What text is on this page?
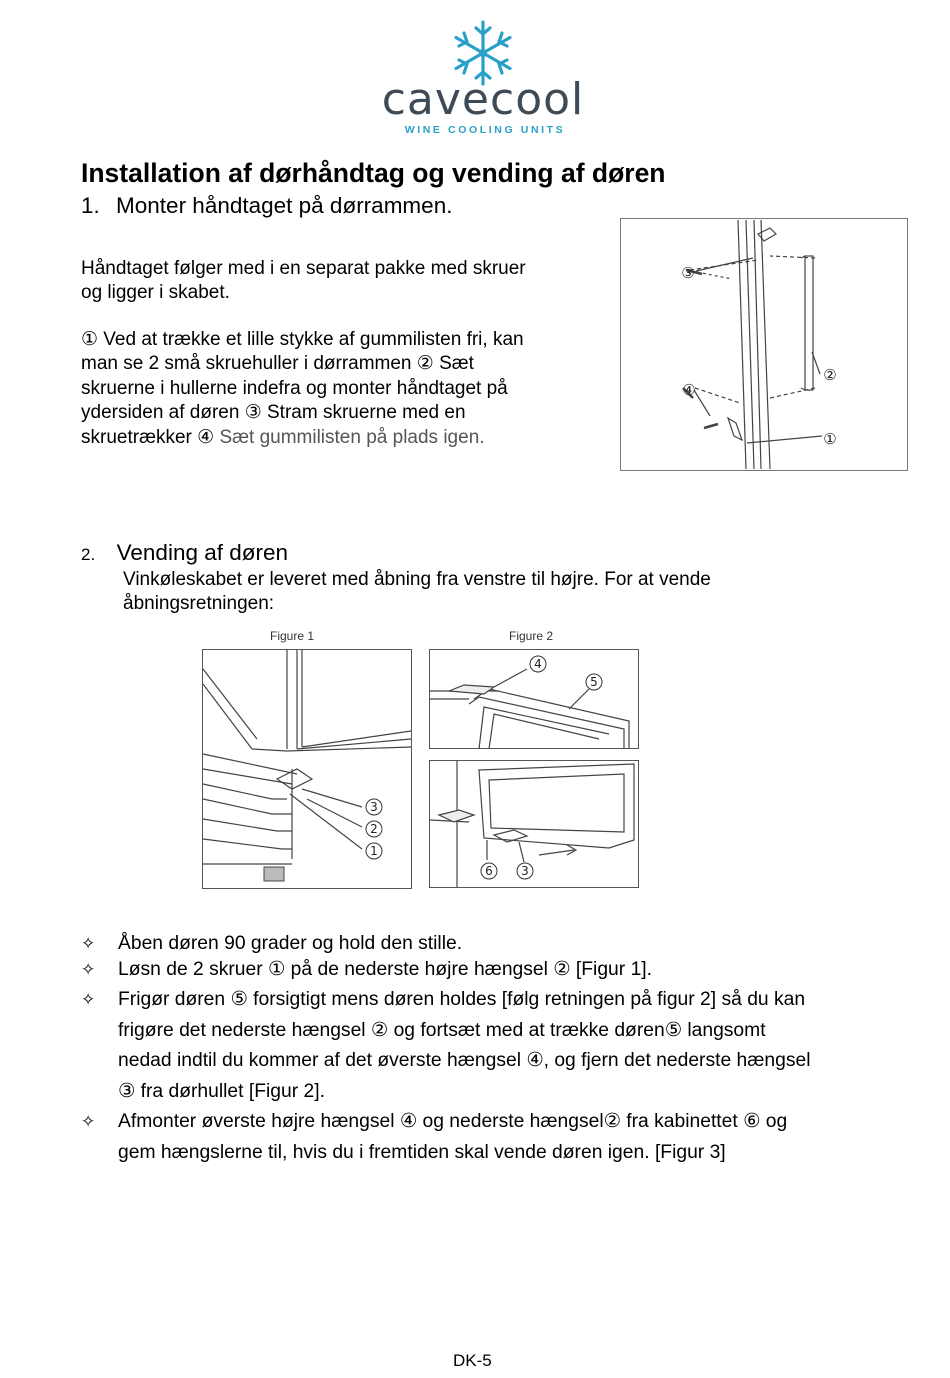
cavecool
WINE COOLING UNITS
Installation af dørhåndtag og vending af døren
1. Monter håndtaget på dørrammen.
Håndtaget følger med i en separat pakke med skruer
og ligger i skabet.
① Ved at trække et lille stykke af gummilisten fri, kan
man se 2 små skruehuller i dørrammen ② Sæt
skruerne i hullerne indefra og monter håndtaget på
ydersiden af døren ③ Stram skruerne med en
skruetrækker ④ Sæt gummilisten på plads igen.
③
②
④
①
2. Vending af døren
Vinkøleskabet er leveret med åbning fra venstre til højre. For at vende
åbningsretningen:
Figure 1	Figure 2
3
2
1
4
5
6 3
✧ Åben døren 90 grader og hold den stille.
✧ Løsn de 2 skruer ① på de nederste højre hængsel ② [Figur 1].
✧ Frigør døren ⑤ forsigtigt mens døren holdes [følg retningen på figur 2] så du kan
frigøre det nederste hængsel ② og fortsæt med at trække døren⑤ langsomt
nedad indtil du kommer af det øverste hængsel ④, og fjern det nederste hængsel
③ fra dørhullet [Figur 2].
✧ Afmonter øverste højre hængsel ④ og nederste hængsel② fra kabinettet ⑥ og
gem hængslerne til, hvis du i fremtiden skal vende døren igen. [Figur 3]
DK-5
